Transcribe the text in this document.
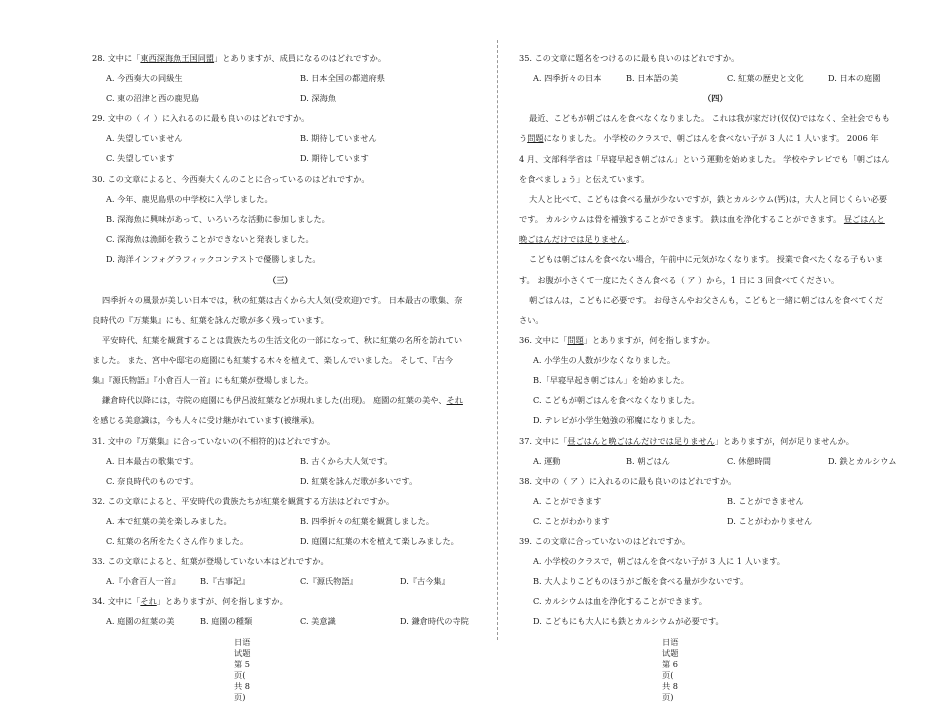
28. 文中に「東西深海魚王国同盟」とありますが、成員になるのはどれですか。
A. 今西奏大の同級生	B. 日本全国の都道府県
C. 東の沼津と西の鹿児島	D. 深海魚
29. 文中の（ イ ）に入れるのに最も良いのはどれですか。
A. 失望していません	B. 期待していません
C. 失望しています	D. 期待しています
30. この文章によると、今西奏大くんのことに合っているのはどれですか。
A. 今年、鹿児島県の中学校に入学しました。
B. 深海魚に興味があって、いろいろな活動に参加しました。
C. 深海魚は漁師を救うことができないと発表しました。
D. 海洋インフォグラフィックコンテストで優勝しました。
（三）
四季折々の風景が美しい日本では，秋の紅葉は古くから大人気(受欢迎)です。 日本最古の歌集、奈
良時代の『万葉集』にも、紅葉を詠んだ歌が多く残っています。
平安時代、紅葉を観賞することは貴族たちの生活文化の一部になって、秋に紅葉の名所を訪れてい
ました。 また、宮中や邸宅の庭園にも紅葉する木々を植えて、楽しんでいました。 そして、『古今
集』『源氏物語』『小倉百人一首』にも紅葉が登場しました。
鎌倉時代以降には，寺院の庭園にも伊呂波紅葉などが現れました(出现)。 庭園の紅葉の美や、それ
を感じる美意識は，今も人々に受け継がれています(被继承)。
31. 文中の『万葉集』に合っていないの(不相符的)はどれですか。
A. 日本最古の歌集です。	B. 古くから大人気です。
C. 奈良時代のものです。	D. 紅葉を詠んだ歌が多いです。
32. この文章によると、平安時代の貴族たちが紅葉を観賞する方法はどれですか。
A. 本で紅葉の美を楽しみました。	B. 四季折々の紅葉を観賞しました。
C. 紅葉の名所をたくさん作りました。	D. 庭園に紅葉の木を植えて楽しみました。
33. この文章によると、紅葉が登場していない本はどれですか。
A.『小倉百人一首』 B.『古事記』	C.『源氏物語』	D.『古今集』
34. 文中に「それ」とありますが、何を指しますか。
A. 庭園の紅葉の美	B. 庭園の種類	C. 美意識	D. 鎌倉時代の寺院
日语试题　第 5 页( 共 8 页)
35. この文章に題名をつけるのに最も良いのはどれですか。
A. 四季折々の日本	B. 日本語の美	C. 紅葉の歴史と文化	D. 日本の庭園
（四）
最近、こどもが朝ごはんを食べなくなりました。 これは我が家だけ(仅仅)ではなく、全社会でもも
う問題になりました。 小学校のクラスで、朝ごはんを食べない子が 3 人に 1 人います。 2006 年
4 月、文部科学省は「早寝早起き朝ごはん」という運動を始めました。 学校やテレビでも「朝ごはん
を食べましょう」と伝えています。
大人と比べて、こどもは食べる量が少ないですが，鉄とカルシウム(钙)は，大人と同じくらい必要
です。 カルシウムは骨を補強することができます。 鉄は血を浄化することができます。 昼ごはんと
晩ごはんだけでは足りません。
こどもは朝ごはんを食べない場合，午前中に元気がなくなります。 授業で食べたくなる子もいま
す。 お腹が小さくて一度にたくさん食べる（ ア ）から，1 日に 3 回食べてください。
朝ごはんは，こどもに必要です。 お母さんやお父さんも，こどもと一緒に朝ごはんを食べてくだ
さい。
36. 文中に「問題」とありますが，何を指しますか。
A. 小学生の人数が少なくなりました。
B.「早寝早起き朝ごはん」を始めました。
C. こどもが朝ごはんを食べなくなりました。
D. テレビが小学生勉強の邪魔になりました。
37. 文中に「昼ごはんと晩ごはんだけでは足りません」とありますが，何が足りませんか。
A. 運動	B. 朝ごはん	C. 休憩時間	D. 鉄とカルシウム
38. 文中の（ ア ）に入れるのに最も良いのはどれですか。
A. ことができます	B. ことができません
C. ことがわかります	D. ことがわかりません
39. この文章に合っていないのはどれですか。
A. 小学校のクラスで，朝ごはんを食べない子が 3 人に 1 人います。
B. 大人よりこどものほうがご飯を食べる量が少ないです。
C. カルシウムは血を浄化することができます。
D. こどもにも大人にも鉄とカルシウムが必要です。
日语试题　第 6 页( 共 8 页)
